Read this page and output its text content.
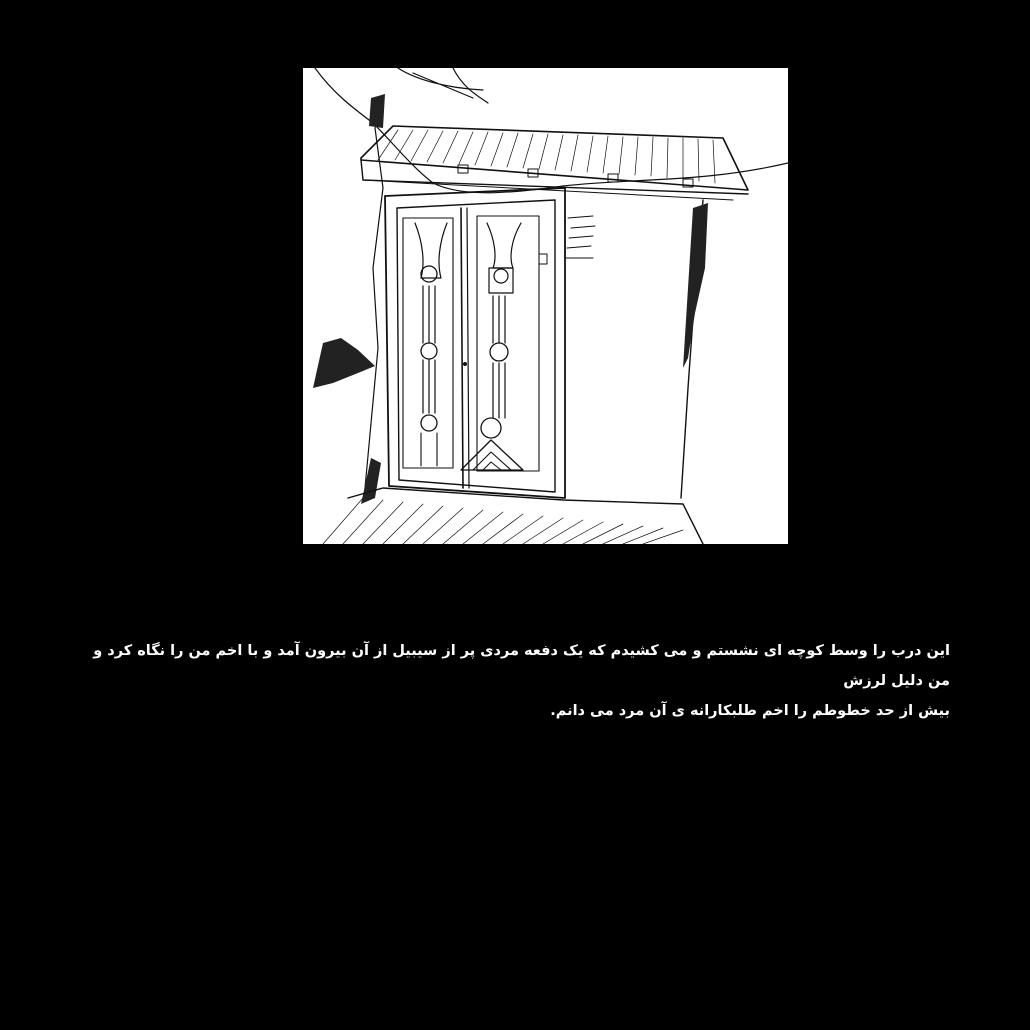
این درب را وسط کوچه ای نشستم و می کشیدم که یک دفعه مردی پر از سیبیل از آن بیرون آمد و با اخم من را نگاه کرد و من دلیل لرزش
بیش از حد خطوطم را اخم طلبکارانه ی آن مرد می دانم.
